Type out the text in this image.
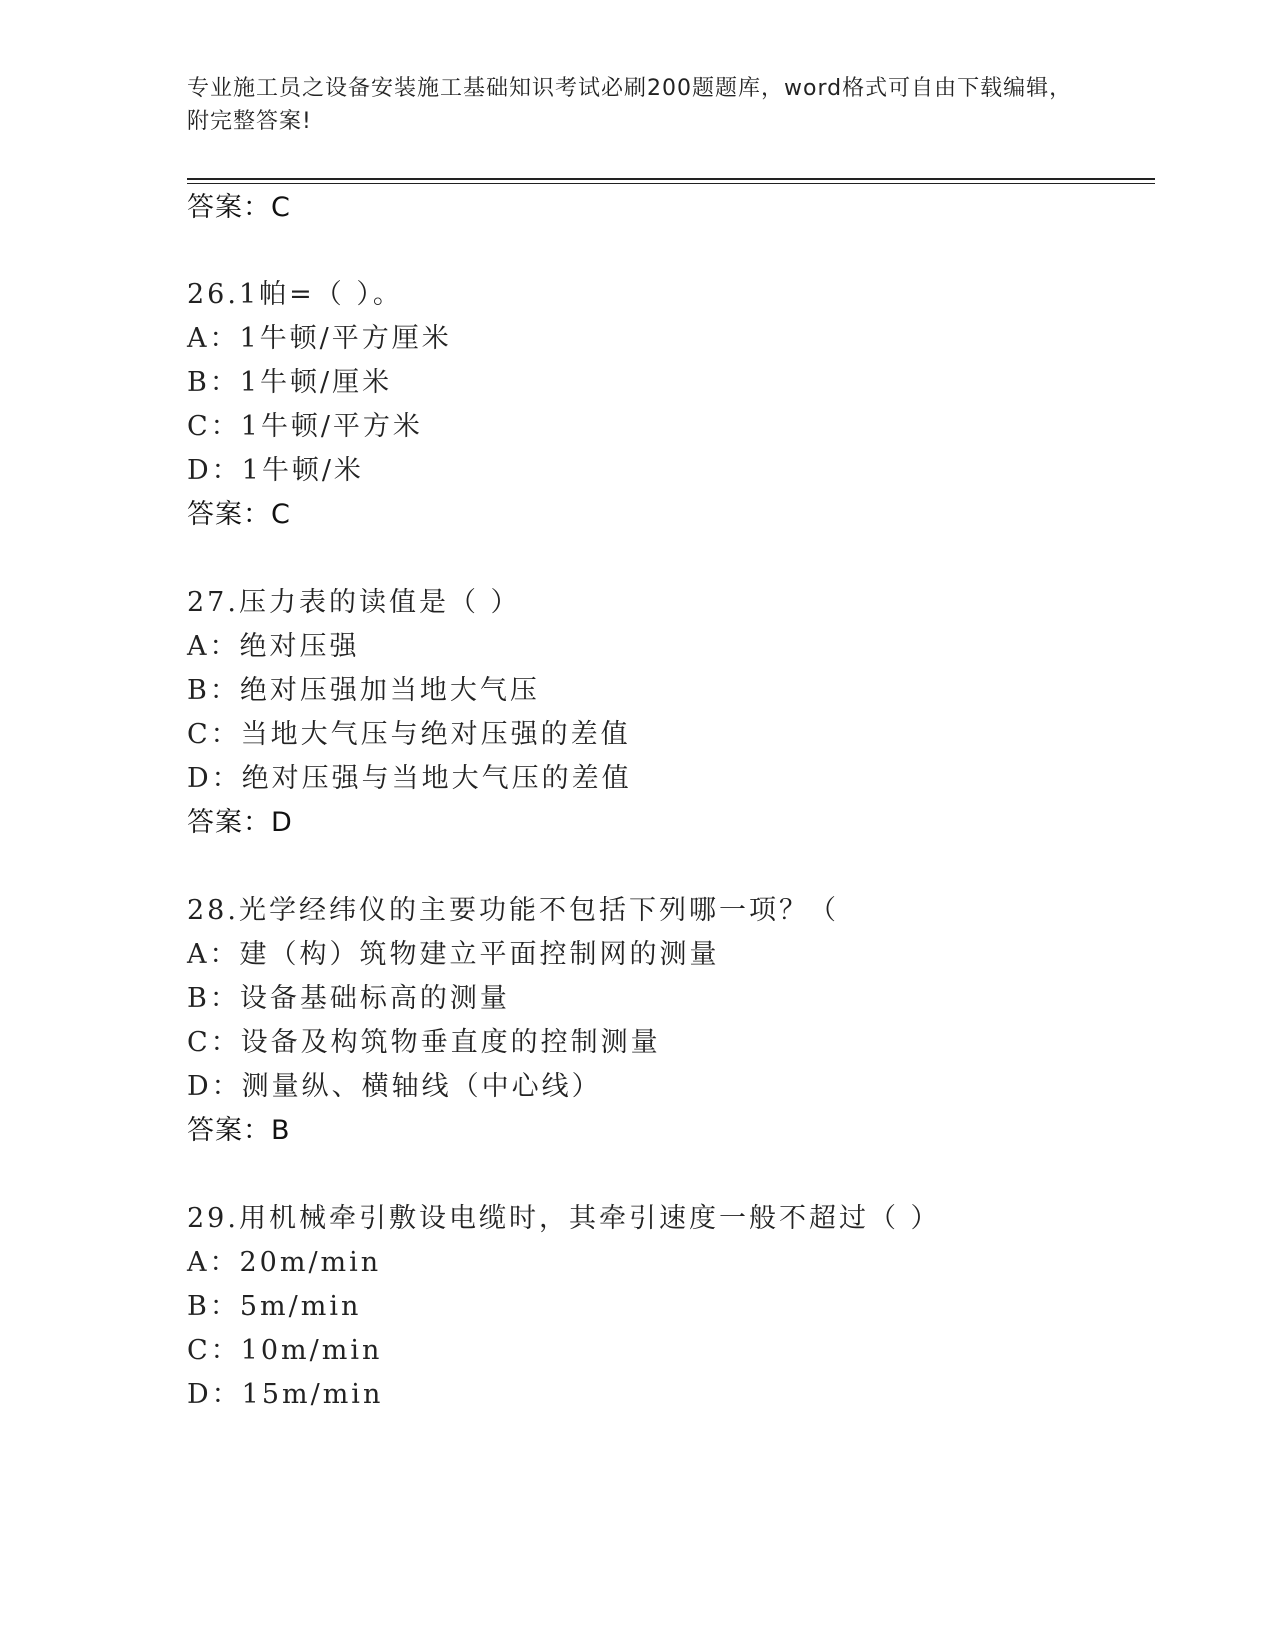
专业施工员之设备安装施工基础知识考试必刷200题题库，word格式可自由下载编辑，附完整答案!
答案：C
26.1帕=（ ）。
A：1牛顿/平方厘米
B：1牛顿/厘米
C：1牛顿/平方米
D：1牛顿/米
答案：C
27.压力表的读值是（ ）
A：绝对压强
B：绝对压强加当地大气压
C：当地大气压与绝对压强的差值
D：绝对压强与当地大气压的差值
答案：D
28.光学经纬仪的主要功能不包括下列哪一项？（
A：建（构）筑物建立平面控制网的测量
B：设备基础标高的测量
C：设备及构筑物垂直度的控制测量
D：测量纵、横轴线（中心线）
答案：B
29.用机械牵引敷设电缆时，其牵引速度一般不超过（ ）
A：20m/min
B：5m/min
C：10m/min
D：15m/min
